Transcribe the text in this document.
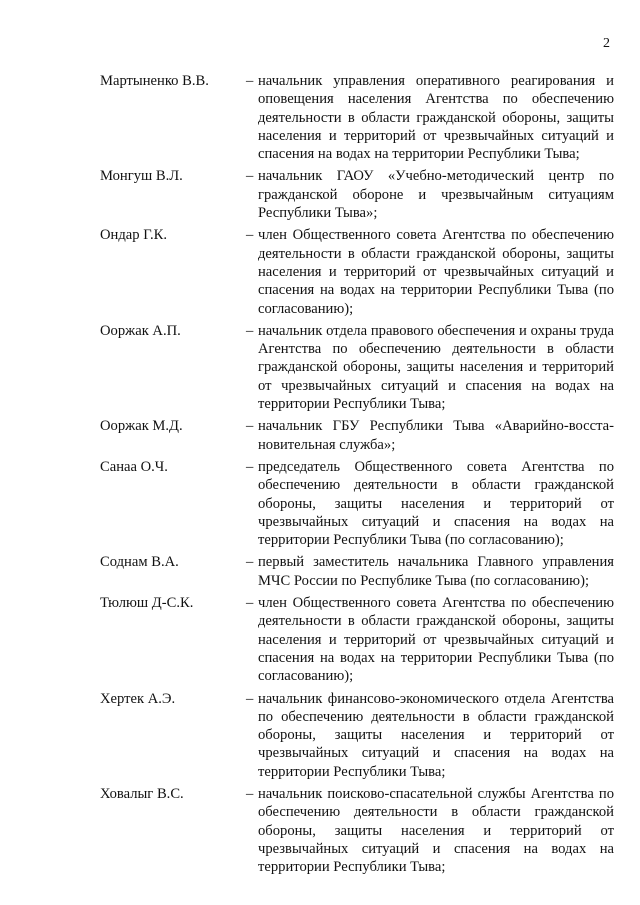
2
Мартыненко В.В.	– начальник управления оперативного реагирования и оповещения населения Агентства по обеспечению деятельности в области гражданской обороны, защиты населения и территорий от чрезвычайных ситуаций и спасения на водах на территории Республики Тыва;
Монгуш В.Л.	– начальник ГАОУ «Учебно-методический центр по гражданской обороне и чрезвычайным ситуациям Республики Тыва»;
Ондар Г.К.	– член Общественного совета Агентства по обеспечению деятельности в области гражданской обороны, защиты населения и территорий от чрезвычайных ситуаций и спасения на водах на территории Республики Тыва (по согласованию);
Ооржак А.П.	– начальник отдела правового обеспечения и охраны труда Агентства по обеспечению деятельности в области гражданской обороны, защиты населения и территорий от чрезвычайных ситуаций и спасения на водах на территории Республики Тыва;
Ооржак М.Д.	– начальник ГБУ Республики Тыва «Аварийно-восста-новительная служба»;
Санаа О.Ч.	– председатель Общественного совета Агентства по обеспечению деятельности в области гражданской обороны, защиты населения и территорий от чрезвычайных ситуаций и спасения на водах на территории Республики Тыва (по согласованию);
Соднам В.А.	– первый заместитель начальника Главного управления МЧС России по Республике Тыва (по согласованию);
Тюлюш Д-С.К.	– член Общественного совета Агентства по обеспечению деятельности в области гражданской обороны, защиты населения и территорий от чрезвычайных ситуаций и спасения на водах на территории Республики Тыва (по согласованию);
Хертек А.Э.	– начальник финансово-экономического отдела Агентства по обеспечению деятельности в области гражданской обороны, защиты населения и территорий от чрезвычайных ситуаций и спасения на водах на территории Республики Тыва;
Ховалыг В.С.	– начальник поисково-спасательной службы Агентства по обеспечению деятельности в области гражданской обороны, защиты населения и территорий от чрезвычайных ситуаций и спасения на водах на территории Республики Тыва;
